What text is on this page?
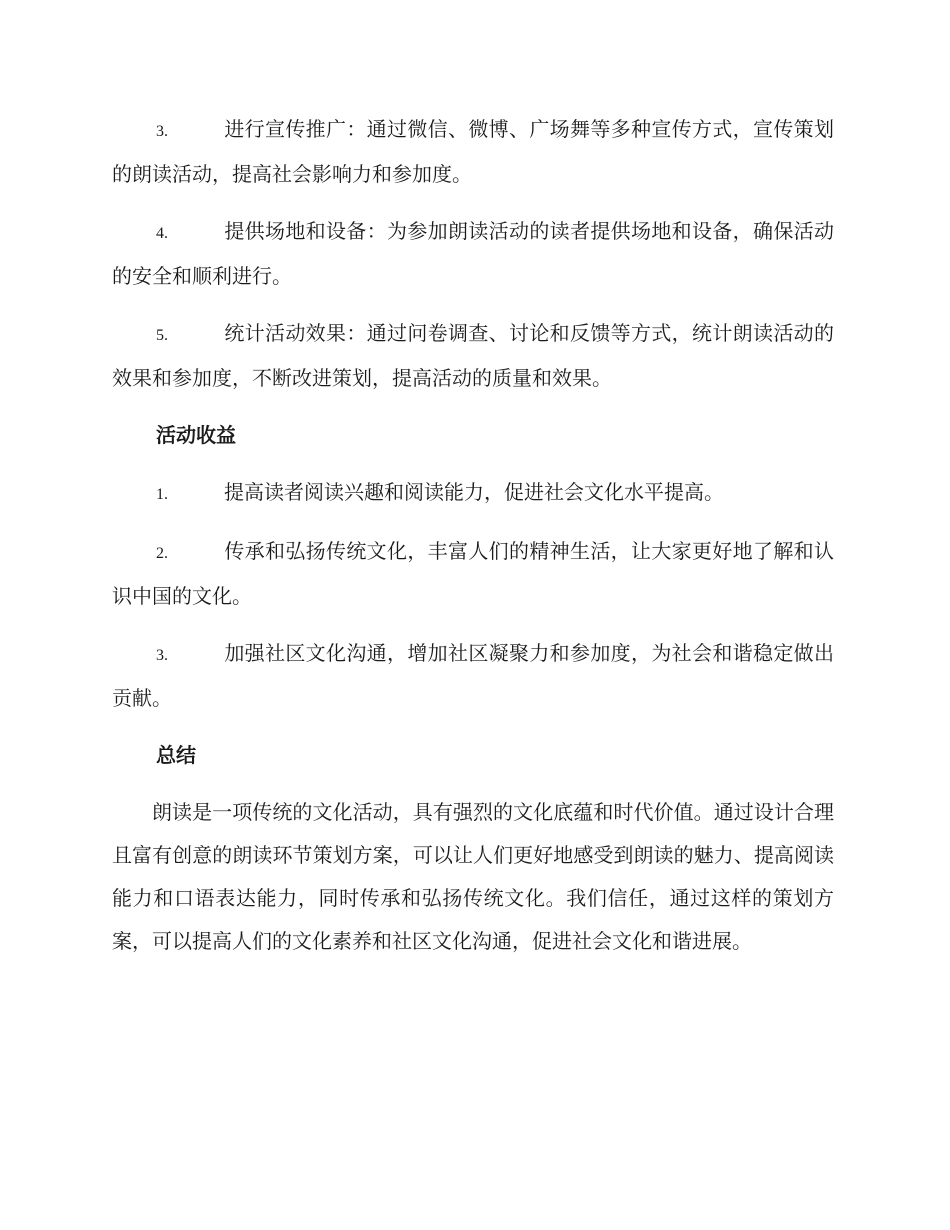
3.	进行宣传推广：通过微信、微博、广场舞等多种宣传方式，宣传策划的朗读活动，提高社会影响力和参加度。
4.	提供场地和设备：为参加朗读活动的读者提供场地和设备，确保活动的安全和顺利进行。
5.	统计活动效果：通过问卷调查、讨论和反馈等方式，统计朗读活动的效果和参加度，不断改进策划，提高活动的质量和效果。
活动收益
1.	提高读者阅读兴趣和阅读能力，促进社会文化水平提高。
2.	传承和弘扬传统文化，丰富人们的精神生活，让大家更好地了解和认识中国的文化。
3.	加强社区文化沟通，增加社区凝聚力和参加度，为社会和谐稳定做出贡献。
总结

朗读是一项传统的文化活动，具有强烈的文化底蕴和时代价值。通过设计合理且富有创意的朗读环节策划方案，可以让人们更好地感受到朗读的魅力、提高阅读能力和口语表达能力，同时传承和弘扬传统文化。我们信任，通过这样的策划方案，可以提高人们的文化素养和社区文化沟通，促进社会文化和谐进展。
